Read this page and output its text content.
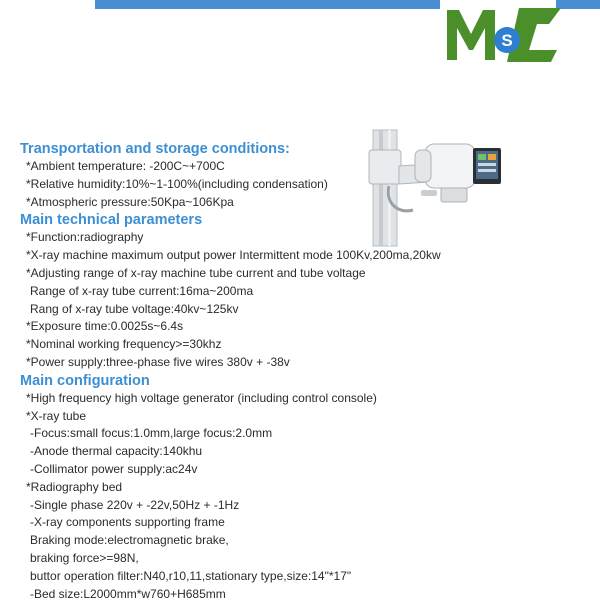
S
MSL
Transportation and storage conditions:
*Ambient temperature: -200C~+700C
*Relative humidity:10%~1-100%(including condensation)
*Atmospheric pressure:50Kpa~106Kpa
Main technical parameters
*Function:radiography
*X-ray machine maximum output power Intermittent mode 100Kv,200ma,20kw
*Adjusting range of x-ray machine tube current and tube voltage
Range of x-ray tube current:16ma~200ma
Rang of x-ray tube voltage:40kv~125kv
*Exposure time:0.0025s~6.4s
*Nominal working frequency>=30khz
*Power supply:three-phase five wires 380v + -38v
Main configuration
*High frequency high voltage generator (including control console)
*X-ray tube
-Focus:small focus:1.0mm,large focus:2.0mm
-Anode thermal capacity:140khu
-Collimator power supply:ac24v
*Radiography bed
-Single phase 220v + -22v,50Hz + -1Hz
-X-ray components supporting frame
Braking mode:electromagnetic brake,
braking force>=98N,
buttor operation filter:N40,r10,11,stationary type,size:14"*17"
-Bed size:L2000mm*w760+H685mm
